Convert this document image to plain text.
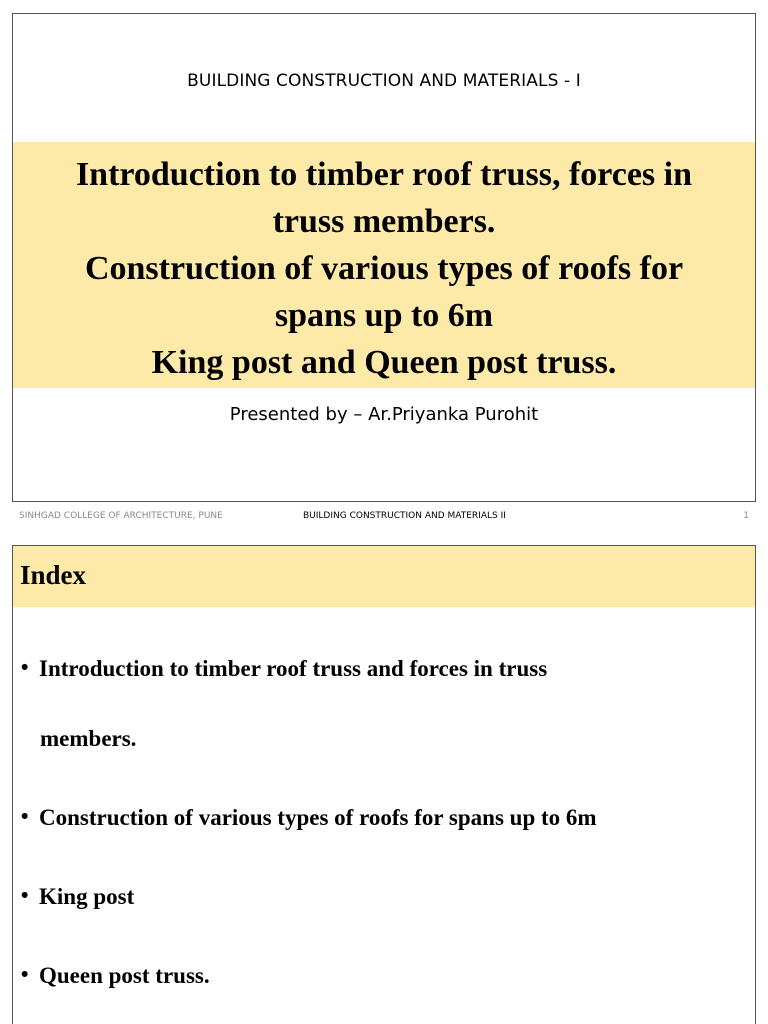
BUILDING CONSTRUCTION AND MATERIALS - I
Introduction to timber roof truss, forces in
truss members.
Construction of various types of roofs for
spans up to 6m
King post and Queen post truss.
Presented by – Ar.Priyanka Purohit
SINHGAD COLLEGE OF ARCHITECTURE, PUNE	BUILDING CONSTRUCTION AND MATERIALS II	1
Index
• Introduction to timber roof truss and forces in truss
members.
• Construction of various types of roofs for spans up to 6m
• King post
• Queen post truss.
